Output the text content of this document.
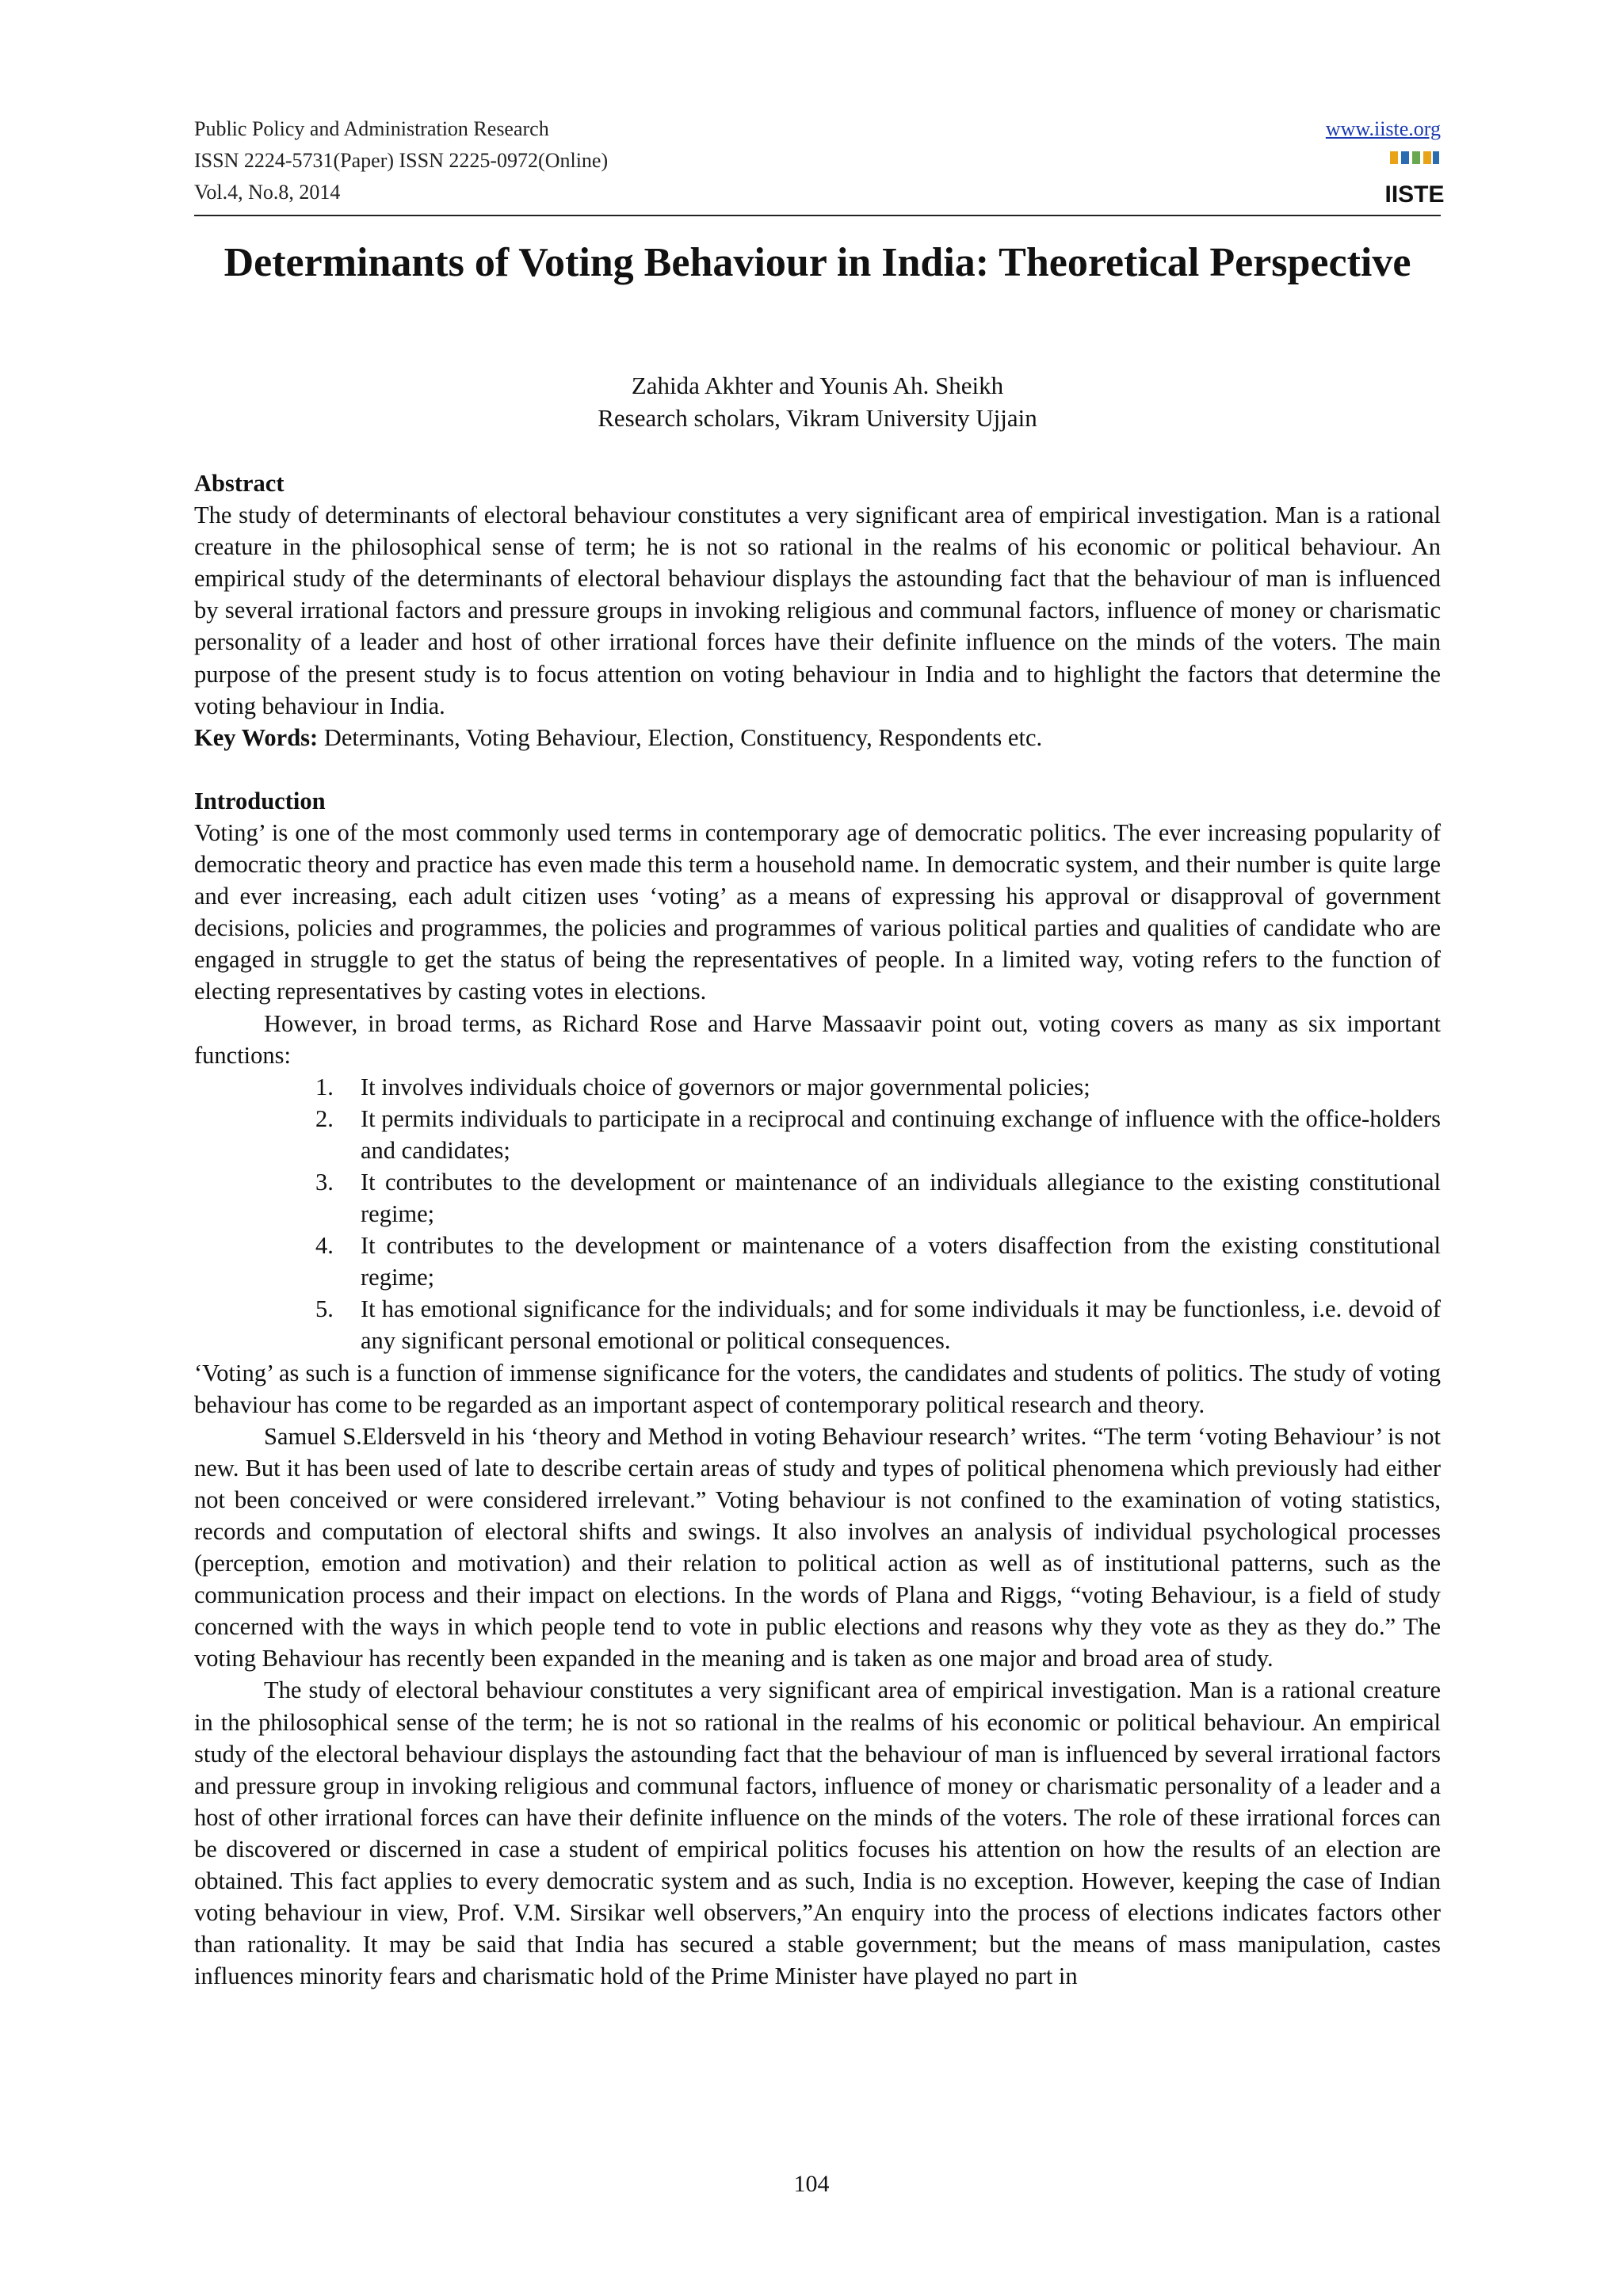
Public Policy and Administration Research
ISSN 2224-5731(Paper) ISSN 2225-0972(Online)
Vol.4, No.8, 2014
www.iiste.org
IISTE
Determinants of Voting Behaviour in India: Theoretical Perspective
Zahida Akhter and Younis Ah. Sheikh
Research scholars, Vikram University Ujjain

Abstract

The study of determinants of electoral behaviour constitutes a very significant area of empirical investigation. Man is a rational creature in the philosophical sense of term; he is not so rational in the realms of his economic or political behaviour. An empirical study of the determinants of electoral behaviour displays the astounding fact that the behaviour of man is influenced by several irrational factors and pressure groups in invoking religious and communal factors, influence of money or charismatic personality of a leader and host of other irrational forces have their definite influence on the minds of the voters. The main purpose of the present study is to focus attention on voting behaviour in India and to highlight the factors that determine the voting behaviour in India.

Key Words: Determinants, Voting Behaviour, Election, Constituency, Respondents etc.

Introduction

Voting’ is one of the most commonly used terms in contemporary age of democratic politics. The ever increasing popularity of democratic theory and practice has even made this term a household name. In democratic system, and their number is quite large and ever increasing, each adult citizen uses ‘voting’ as a means of expressing his approval or disapproval of government decisions, policies and programmes, the policies and programmes of various political parties and qualities of candidate who are engaged in struggle to get the status of being the representatives of people. In a limited way, voting refers to the function of electing representatives by casting votes in elections.

However, in broad terms, as Richard Rose and Harve Massaavir point out, voting covers as many as six important functions:

1. It involves individuals choice of governors or major governmental policies;
2. It permits individuals to participate in a reciprocal and continuing exchange of influence with the office-holders and candidates;
3. It contributes to the development or maintenance of an individuals allegiance to the existing constitutional regime;
4. It contributes to the development or maintenance of a voters disaffection from the existing constitutional regime;
5. It has emotional significance for the individuals; and for some individuals it may be functionless, i.e. devoid of any significant personal emotional or political consequences.

‘Voting’ as such is a function of immense significance for the voters, the candidates and students of politics. The study of voting behaviour has come to be regarded as an important aspect of contemporary political research and theory.

Samuel S.Eldersveld in his ‘theory and Method in voting Behaviour research’ writes. “The term ‘voting Behaviour’ is not new. But it has been used of late to describe certain areas of study and types of political phenomena which previously had either not been conceived or were considered irrelevant.” Voting behaviour is not confined to the examination of voting statistics, records and computation of electoral shifts and swings. It also involves an analysis of individual psychological processes (perception, emotion and motivation) and their relation to political action as well as of institutional patterns, such as the communication process and their impact on elections. In the words of Plana and Riggs, “voting Behaviour, is a field of study concerned with the ways in which people tend to vote in public elections and reasons why they vote as they as they do.” The voting Behaviour has recently been expanded in the meaning and is taken as one major and broad area of study.

The study of electoral behaviour constitutes a very significant area of empirical investigation. Man is a rational creature in the philosophical sense of the term; he is not so rational in the realms of his economic or political behaviour. An empirical study of the electoral behaviour displays the astounding fact that the behaviour of man is influenced by several irrational factors and pressure group in invoking religious and communal factors, influence of money or charismatic personality of a leader and a host of other irrational forces can have their definite influence on the minds of the voters. The role of these irrational forces can be discovered or discerned in case a student of empirical politics focuses his attention on how the results of an election are obtained. This fact applies to every democratic system and as such, India is no exception. However, keeping the case of Indian voting behaviour in view, Prof. V.M. Sirsikar well observers,”An enquiry into the process of elections indicates factors other than rationality. It may be said that India has secured a stable government; but the means of mass manipulation, castes influences minority fears and charismatic hold of the Prime Minister have played no part in

104
